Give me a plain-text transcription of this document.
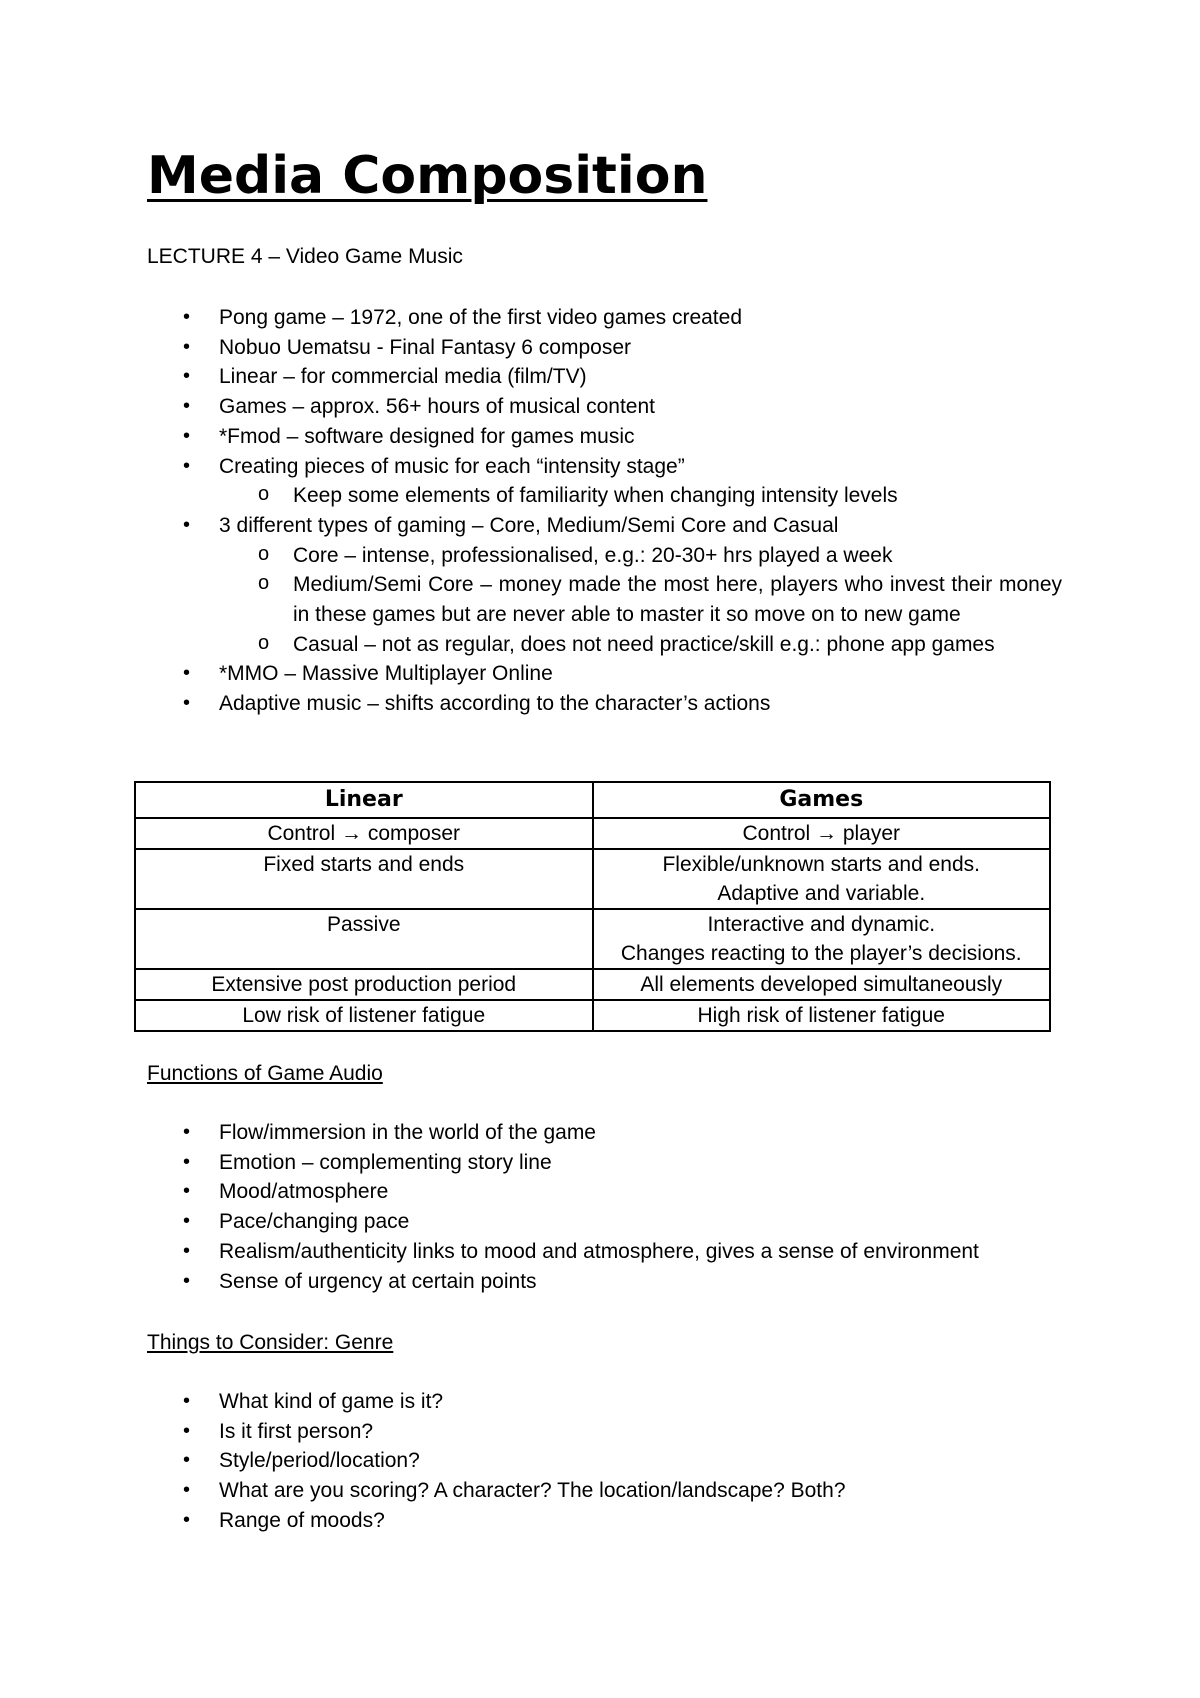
Media Composition

LECTURE 4 – Video Game Music

• Pong game – 1972, one of the first video games created
• Nobuo Uematsu - Final Fantasy 6 composer
• Linear – for commercial media (film/TV)
• Games – approx. 56+ hours of musical content
• *Fmod – software designed for games music
• Creating pieces of music for each “intensity stage”
o Keep some elements of familiarity when changing intensity levels
• 3 different types of gaming – Core, Medium/Semi Core and Casual
o Core – intense, professionalised, e.g.: 20-30+ hrs played a week
o Medium/Semi Core – money made the most here, players who invest their money in these games but are never able to master it so move on to new game
o Casual – not as regular, does not need practice/skill e.g.: phone app games
• *MMO – Massive Multiplayer Online
• Adaptive music – shifts according to the character’s actions
Linear	Games

Control → composer	Control → player

Fixed starts and ends	Flexible/unknown starts and ends.
Adaptive and variable.

Passive	Interactive and dynamic.
Changes reacting to the player’s decisions.

Extensive post production period	All elements developed simultaneously

Low risk of listener fatigue	High risk of listener fatigue
Functions of Game Audio
• Flow/immersion in the world of the game
• Emotion – complementing story line
• Mood/atmosphere
• Pace/changing pace
• Realism/authenticity links to mood and atmosphere, gives a sense of environment
• Sense of urgency at certain points
Things to Consider: Genre
• What kind of game is it?
• Is it first person?
• Style/period/location?
• What are you scoring? A character? The location/landscape? Both?
• Range of moods?
